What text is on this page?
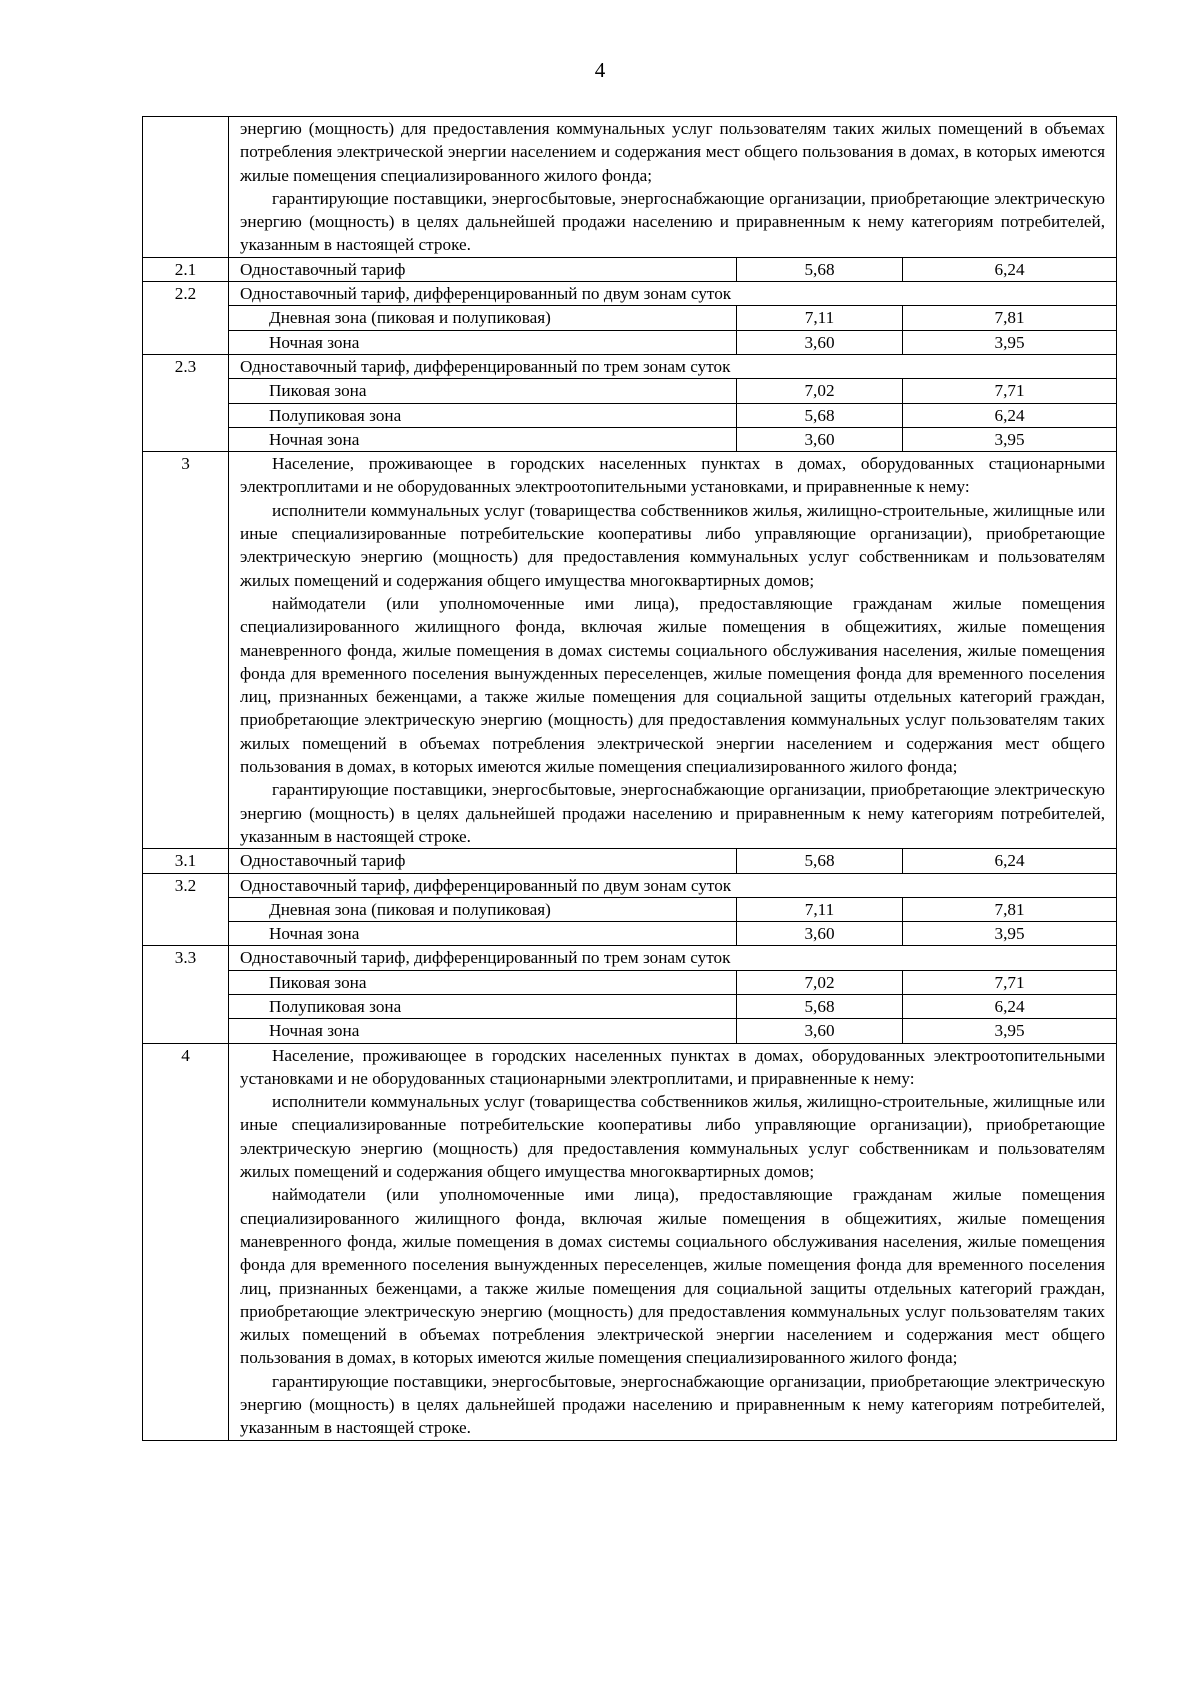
4

	энергию (мощность) для предоставления коммунальных услуг пользователям таких жилых помещений в объемах потребления электрической энергии населением и содержания мест общего пользования в домах, в которых имеются жилые помещения специализированного жилого фонда;

гарантирующие поставщики, энергосбытовые, энергоснабжающие организации, приобретающие электрическую энергию (мощность) в целях дальнейшей продажи населению и приравненным к нему категориям потребителей, указанным в настоящей строке.		

2.1	Одноставочный тариф	5,68	6,24
2.2	Одноставочный тариф, дифференцированный по двум зонам суток		
	Дневная зона (пиковая и полупиковая)	7,11	7,81
	Ночная зона	3,60	3,95
2.3	Одноставочный тариф, дифференцированный по трем зонам суток		
	Пиковая зона	7,02	7,71
	Полупиковая зона	5,68	6,24
	Ночная зона	3,60	3,95
3	Население, проживающее в городских населенных пунктах в домах, оборудованных стационарными электроплитами и не оборудованных электроотопительными установками, и приравненные к нему:

исполнители коммунальных услуг (товарищества собственников жилья, жилищно-строительные, жилищные или иные специализированные потребительские кооперативы либо управляющие организации), приобретающие электрическую энергию (мощность) для предоставления коммунальных услуг собственникам и пользователям жилых помещений и содержания общего имущества многоквартирных домов;

наймодатели (или уполномоченные ими лица), предоставляющие гражданам жилые помещения специализированного жилищного фонда, включая жилые помещения в общежитиях, жилые помещения маневренного фонда, жилые помещения в домах системы социального обслуживания населения, жилые помещения фонда для временного поселения вынужденных переселенцев, жилые помещения фонда для временного поселения лиц, признанных беженцами, а также жилые помещения для социальной защиты отдельных категорий граждан, приобретающие электрическую энергию (мощность) для предоставления коммунальных услуг пользователям таких жилых помещений в объемах потребления электрической энергии населением и содержания мест общего пользования в домах, в которых имеются жилые помещения специализированного жилого фонда;

гарантирующие поставщики, энергосбытовые, энергоснабжающие организации, приобретающие электрическую энергию (мощность) в целях дальнейшей продажи населению и приравненным к нему категориям потребителей, указанным в настоящей строке.		

3.1	Одноставочный тариф	5,68	6,24
3.2	Одноставочный тариф, дифференцированный по двум зонам суток		
	Дневная зона (пиковая и полупиковая)	7,11	7,81
	Ночная зона	3,60	3,95
3.3	Одноставочный тариф, дифференцированный по трем зонам суток		
	Пиковая зона	7,02	7,71
	Полупиковая зона	5,68	6,24
	Ночная зона	3,60	3,95
4	Население, проживающее в городских населенных пунктах в домах, оборудованных электроотопительными установками и не оборудованных стационарными электроплитами, и приравненные к нему:

исполнители коммунальных услуг (товарищества собственников жилья, жилищно-строительные, жилищные или иные специализированные потребительские кооперативы либо управляющие организации), приобретающие электрическую энергию (мощность) для предоставления коммунальных услуг собственникам и пользователям жилых помещений и содержания общего имущества многоквартирных домов;

наймодатели (или уполномоченные ими лица), предоставляющие гражданам жилые помещения специализированного жилищного фонда, включая жилые помещения в общежитиях, жилые помещения маневренного фонда, жилые помещения в домах системы социального обслуживания населения, жилые помещения фонда для временного поселения вынужденных переселенцев, жилые помещения фонда для временного поселения лиц, признанных беженцами, а также жилые помещения для социальной защиты отдельных категорий граждан, приобретающие электрическую энергию (мощность) для предоставления коммунальных услуг пользователям таких жилых помещений в объемах потребления электрической энергии населением и содержания мест общего пользования в домах, в которых имеются жилые помещения специализированного жилого фонда;

гарантирующие поставщики, энергосбытовые, энергоснабжающие организации, приобретающие электрическую энергию (мощность) в целях дальнейшей продажи населению и приравненным к нему категориям потребителей, указанным в настоящей строке.		
